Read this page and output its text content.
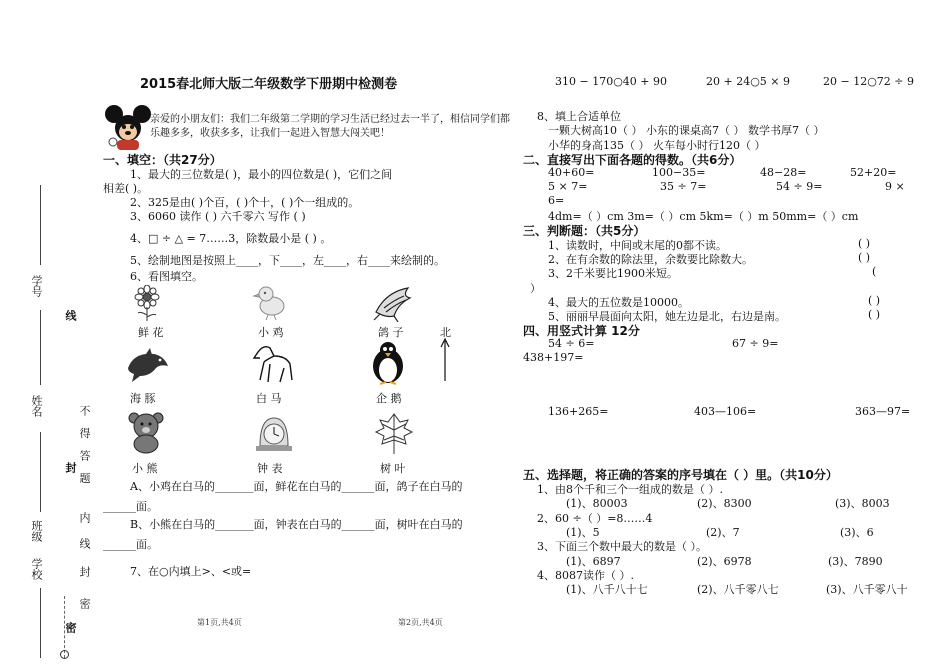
学号
姓名
班级
学校
线
封
密
不 得 答 题
内
线
封
密
2015春北师大版二年级数学下册期中检测卷
亲爱的小朋友们：我们二年级第二学期的学习生活已经过去一半了，相信同学们都
乐趣多多，收获多多，让我们一起进入智慧大闯关吧！
一、填空：（共27分）
1、最大的三位数是( )，最小的四位数是( )，它们之间
相差( )。
2、325是由( )个百，( )个十，( )个一组成的。
3、6060 读作 ( ) 六千零六 写作 ( )
4、□ ÷ △ = 7……3，除数最小是 ( ) 。
5、绘制地图是按照上____，下____，左____，右____来绘制的。
6、看图填空。
鲜 花	小 鸡	鸽 子	北
海 豚	白 马	企 鹅
小 熊	钟 表	树 叶
A、小鸡在白马的_______面，鲜花在白马的______面，鸽子在白马的
______面。
B、小熊在白马的_______面，钟表在白马的______面，树叶在白马的
______面。
7、在○内填上>、<或=
第1页,共4页	第2页,共4页
310 − 170○40 + 90	20 + 24○5 × 9	20 − 12○72 ÷ 9
8、填上合适单位
一颗大树高10（ ） 小东的课桌高7（ ） 数学书厚7（ ）
小华的身高135（ ） 火车每小时行120（ ）
二、直接写出下面各题的得数。（共6分）
40+60=	100−35=	48−28=	52+20=
5 × 7=	35 ÷ 7=	54 ÷ 9=	9 ×
6=
4dm=（ ）cm 3m=（ ）cm 5km=（ ）m 50mm=（ ）cm
三、判断题：（共5分）
1、读数时，中间或末尾的0都不读。	( )
2、在有余数的除法里，余数要比除数大。	( )
3、2千米要比1900米短。	(
）
4、最大的五位数是10000。	( )
5、丽丽早晨面向太阳，她左边是北，右边是南。	( )
四、用竖式计算 12分
54 ÷ 6=	67 ÷ 9=
438+197=
136+265=	403—106=	363—97=
五、选择题，将正确的答案的序号填在（ ）里。（共10分）
1、由8个千和三个一组成的数是（ ）.
(1)、80003	(2)、8300	(3)、8003
2、60 ÷（ ）=8……4
(1)、5	(2)、7	(3)、6
3、下面三个数中最大的数是（ ）。
(1)、6897	(2)、6978	(3)、7890
4、8087读作（ ）.
(1)、八千八十七	(2)、八千零八七	(3)、八千零八十
